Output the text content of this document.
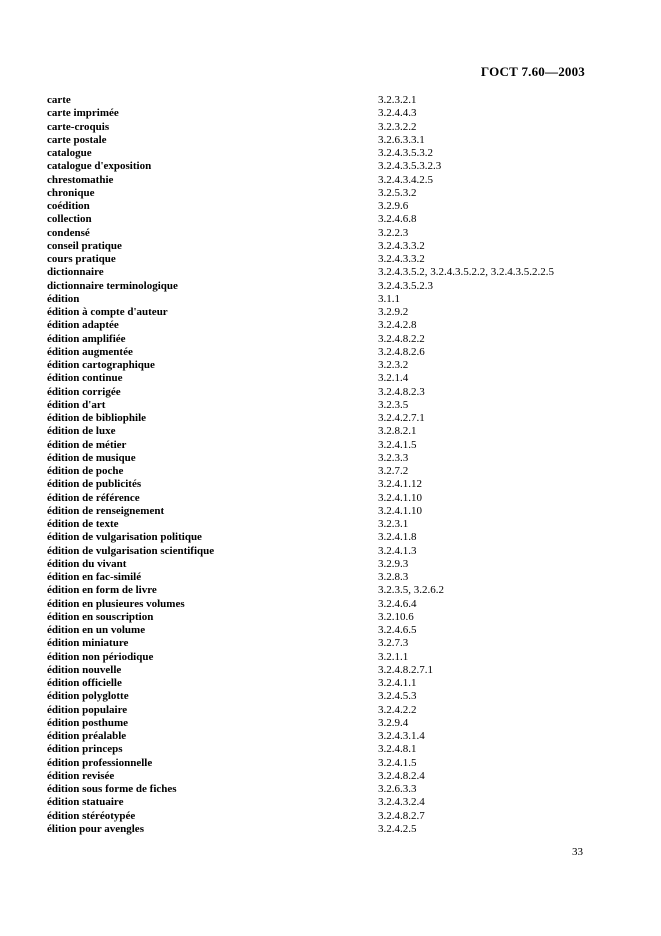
ГОСТ 7.60—2003
carte	3.2.3.2.1
carte imprimée	3.2.4.4.3
carte-croquis	3.2.3.2.2
carte postale	3.2.6.3.3.1
catalogue	3.2.4.3.5.3.2
catalogue d'exposition	3.2.4.3.5.3.2.3
chrestomathie	3.2.4.3.4.2.5
chronique	3.2.5.3.2
coédition	3.2.9.6
collection	3.2.4.6.8
condensé	3.2.2.3
conseil pratique	3.2.4.3.3.2
cours pratique	3.2.4.3.3.2
dictionnaire	3.2.4.3.5.2, 3.2.4.3.5.2.2, 3.2.4.3.5.2.2.5
dictionnaire terminologique	3.2.4.3.5.2.3
édition	3.1.1
édition à compte d'auteur	3.2.9.2
édition adaptée	3.2.4.2.8
édition amplifiée	3.2.4.8.2.2
édition augmentée	3.2.4.8.2.6
édition cartographique	3.2.3.2
édition continue	3.2.1.4
édition corrigée	3.2.4.8.2.3
édition d'art	3.2.3.5
édition de bibliophile	3.2.4.2.7.1
édition de luxe	3.2.8.2.1
édition de métier	3.2.4.1.5
édition de musique	3.2.3.3
édition de poche	3.2.7.2
édition de publicités	3.2.4.1.12
édition de référence	3.2.4.1.10
édition de renseignement	3.2.4.1.10
édition de texte	3.2.3.1
édition de vulgarisation politique	3.2.4.1.8
édition de vulgarisation scientifique	3.2.4.1.3
édition du vivant	3.2.9.3
édition en fac-similé	3.2.8.3
édition en form de livre	3.2.3.5, 3.2.6.2
édition en plusieures volumes	3.2.4.6.4
édition en souscription	3.2.10.6
édition en un volume	3.2.4.6.5
édition miniature	3.2.7.3
édition non périodique	3.2.1.1
édition nouvelle	3.2.4.8.2.7.1
édition officielle	3.2.4.1.1
édition polyglotte	3.2.4.5.3
édition populaire	3.2.4.2.2
édition posthume	3.2.9.4
édition préalable	3.2.4.3.1.4
édition princeps	3.2.4.8.1
édition professionnelle	3.2.4.1.5
édition revisée	3.2.4.8.2.4
édition sous forme de fiches	3.2.6.3.3
édition statuaire	3.2.4.3.2.4
édition stéréotypée	3.2.4.8.2.7
élition pour avengles	3.2.4.2.5
33
